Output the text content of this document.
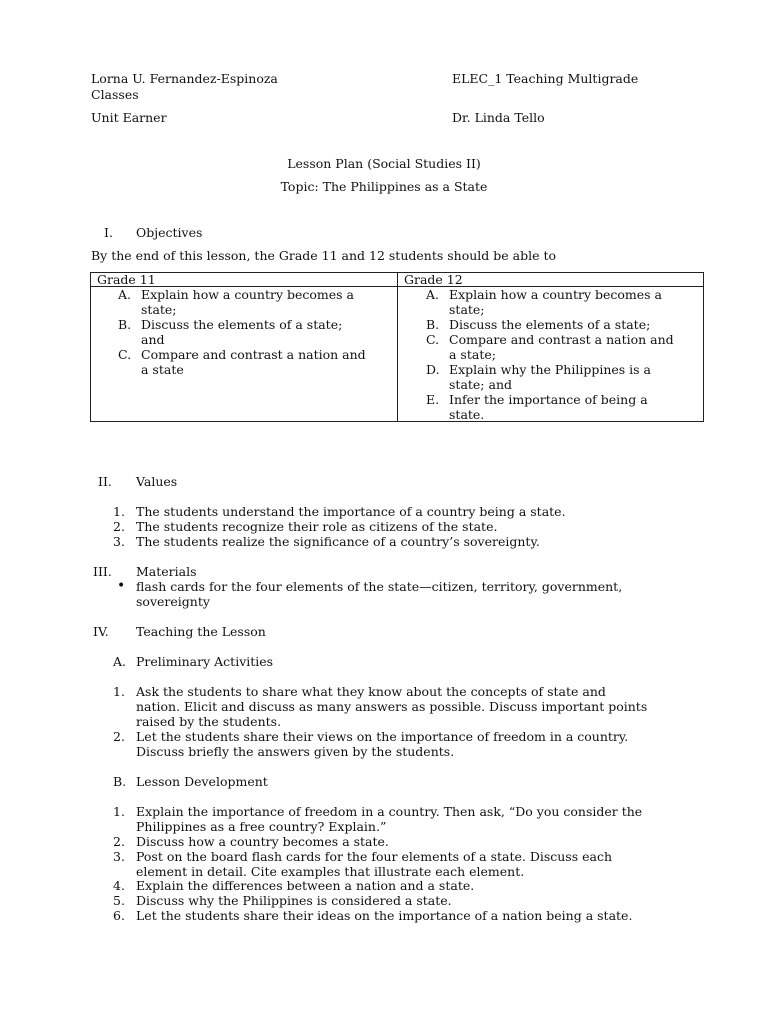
Lorna U. Fernandez-Espinoza	ELEC_1 Teaching Multigrade
Classes
Unit Earner	Dr. Linda Tello
Lesson Plan (Social Studies II)
Topic: The Philippines as a State
I. Objectives
By the end of this lesson, the Grade 11 and 12 students should be able to
Grade 11
A. Explain how a country becomes a
state;
B. Discuss the elements of a state;
and
C. Compare and contrast a nation and
a state
Grade 12
A. Explain how a country becomes a
state;
B. Discuss the elements of a state;
C. Compare and contrast a nation and
a state;
D. Explain why the Philippines is a
state; and
E. Infer the importance of being a
state.
II. Values
1. The students understand the importance of a country being a state.
2. The students recognize their role as citizens of the state.
3. The students realize the significance of a country’s sovereignty.
III. Materials
• flash cards for the four elements of the state—citizen, territory, government,
sovereignty
IV. Teaching the Lesson
A. Preliminary Activities
1. Ask the students to share what they know about the concepts of state and
nation. Elicit and discuss as many answers as possible. Discuss important points
raised by the students.
2. Let the students share their views on the importance of freedom in a country.
Discuss briefly the answers given by the students.
B. Lesson Development
1. Explain the importance of freedom in a country. Then ask, “Do you consider the
Philippines as a free country? Explain.”
2. Discuss how a country becomes a state.
3. Post on the board flash cards for the four elements of a state. Discuss each
element in detail. Cite examples that illustrate each element.
4. Explain the differences between a nation and a state.
5. Discuss why the Philippines is considered a state.
6. Let the students share their ideas on the importance of a nation being a state.
